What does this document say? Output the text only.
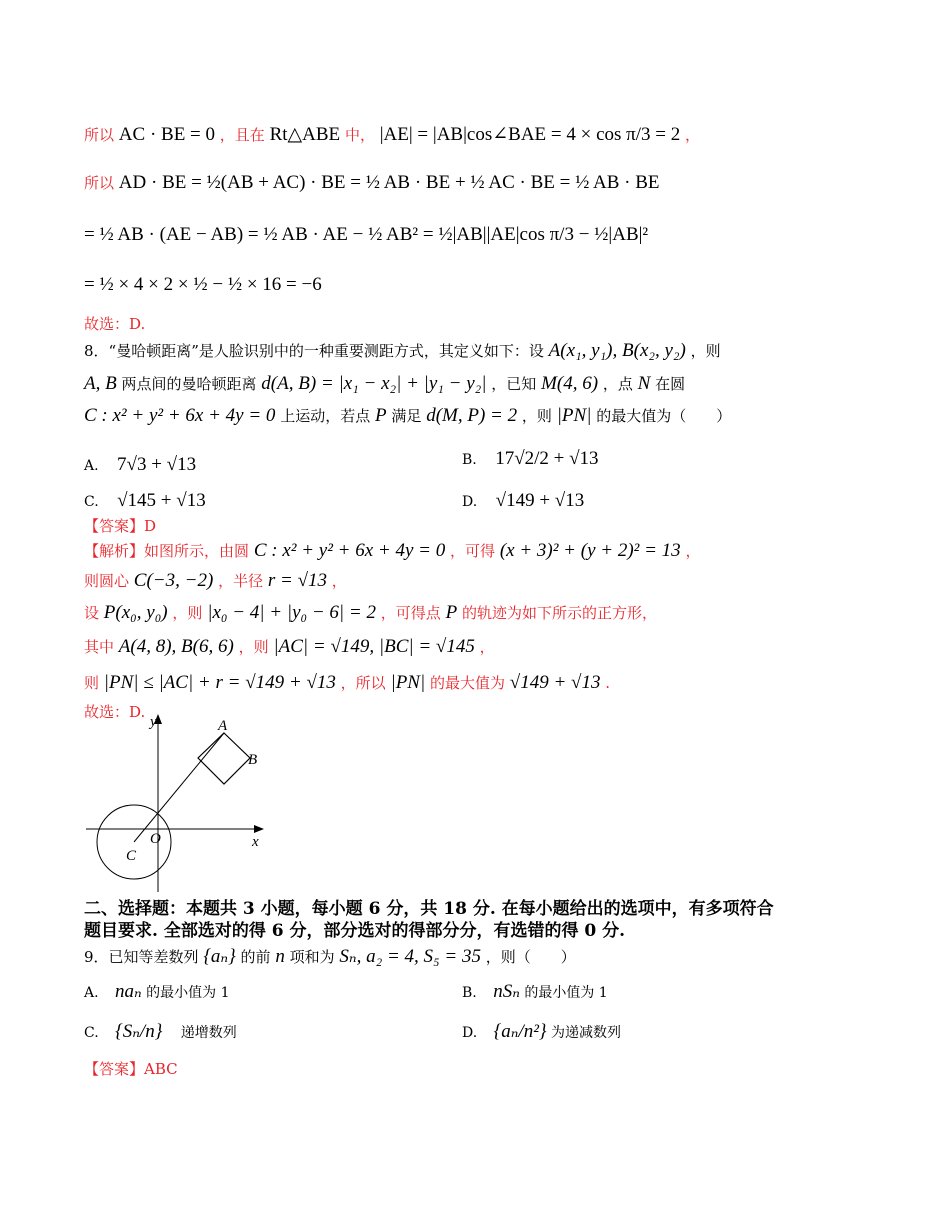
所以 AC · BE = 0 ，且在 Rt△ABE 中， |AE| = |AB|cos∠BAE = 4 × cos π/3 = 2 ，
所以 AD · BE = ½(AB + AC) · BE = ½ AB · BE + ½ AC · BE = ½ AB · BE
= ½ AB · (AE − AB) = ½ AB · AE − ½ AB² = ½|AB||AE|cos π/3 − ½|AB|²
= ½ × 4 × 2 × ½ − ½ × 16 = −6
故选：D.
8．“曼哈顿距离”是人脸识别中的一种重要测距方式，其定义如下：设 A(x₁, y₁), B(x₂, y₂) ，则
A, B 两点间的曼哈顿距离 d(A, B) = |x₁ − x₂| + |y₁ − y₂| ，已知 M(4, 6) ，点 N 在圆
C : x² + y² + 6x + 4y = 0 上运动，若点 P 满足 d(M, P) = 2 ，则 |PN| 的最大值为（　　）
A. 7√3 + √13	B. 17√2/2 + √13
C. √145 + √13	D. √149 + √13
【答案】D
【解析】如图所示，由圆 C : x² + y² + 6x + 4y = 0 ，可得 (x + 3)² + (y + 2)² = 13 ，
则圆心 C(−3, −2) ，半径 r = √13 ，
设 P(x₀, y₀) ，则 |x₀ − 4| + |y₀ − 6| = 2 ，可得点 P 的轨迹为如下所示的正方形，
其中 A(4, 8), B(6, 6) ，则 |AC| = √149, |BC| = √145 ，
则 |PN| ≤ |AC| + r = √149 + √13 ，所以 |PN| 的最大值为 √149 + √13 .
故选：D.
y
x
O
C
A
B
二、选择题：本题共 3 小题，每小题 6 分，共 18 分. 在每小题给出的选项中，有多项符合
题目要求. 全部选对的得 6 分，部分选对的得部分分，有选错的得 0 分.
9．已知等差数列 {aₙ} 的前 n 项和为 Sₙ, a₂ = 4, S₅ = 35 ，则（　　）
A. naₙ 的最小值为 1	B. nSₙ 的最小值为 1
C. {Sₙ/n} 递增数列	D. {aₙ/n²} 为递减数列
【答案】ABC
